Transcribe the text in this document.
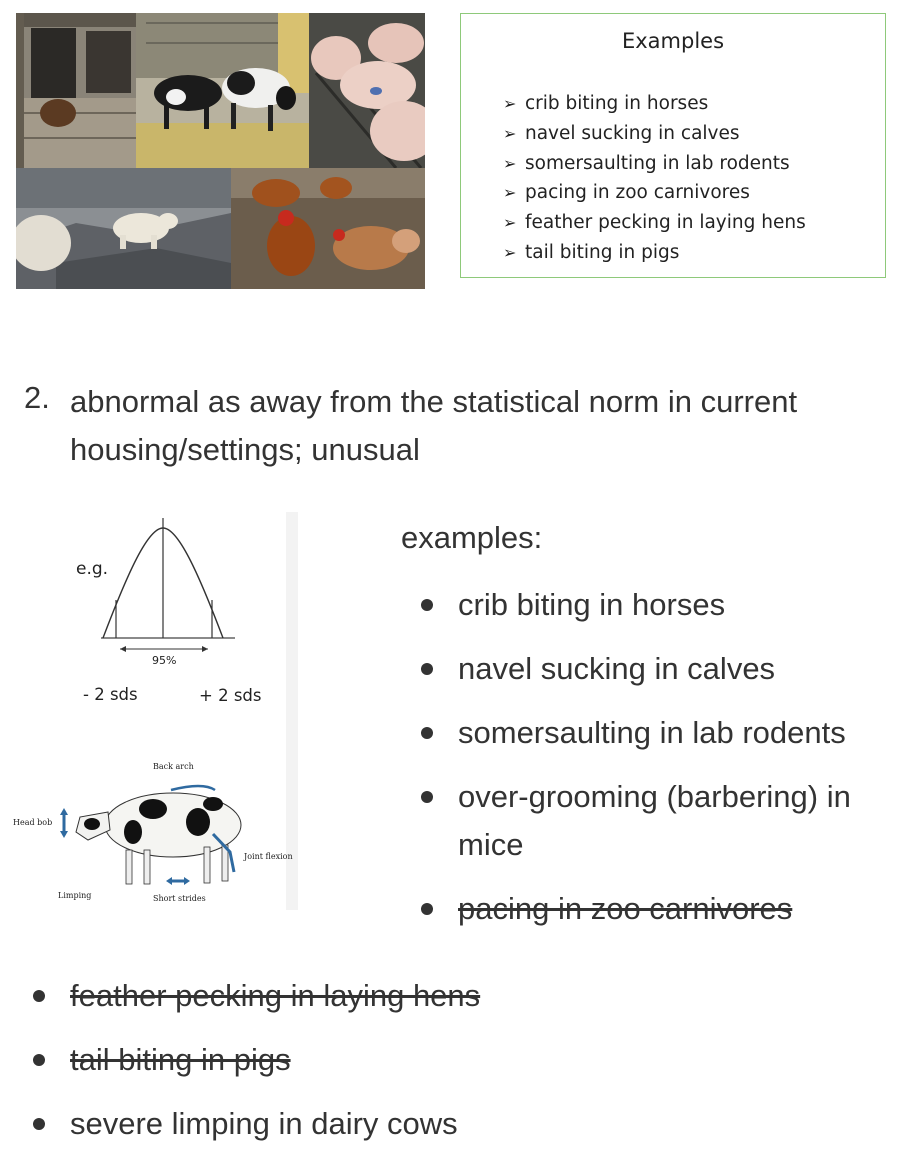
Examples
➢ crib biting in horses
➢ navel sucking in calves
➢ somersaulting in lab rodents
➢ pacing in zoo carnivores
➢ feather pecking in laying hens
➢ tail biting in pigs
2. abnormal as away from the statistical norm in current housing/settings; unusual
e.g.
95%
- 2 sds	+ 2 sds
Back arch
Head bob
Joint flexion
Limping	Short strides
examples:
crib biting in horses
navel sucking in calves
somersaulting in lab rodents
over-grooming (barbering) in mice
pacing in zoo carnivores
feather pecking in laying hens
tail biting in pigs
severe limping in dairy cows
